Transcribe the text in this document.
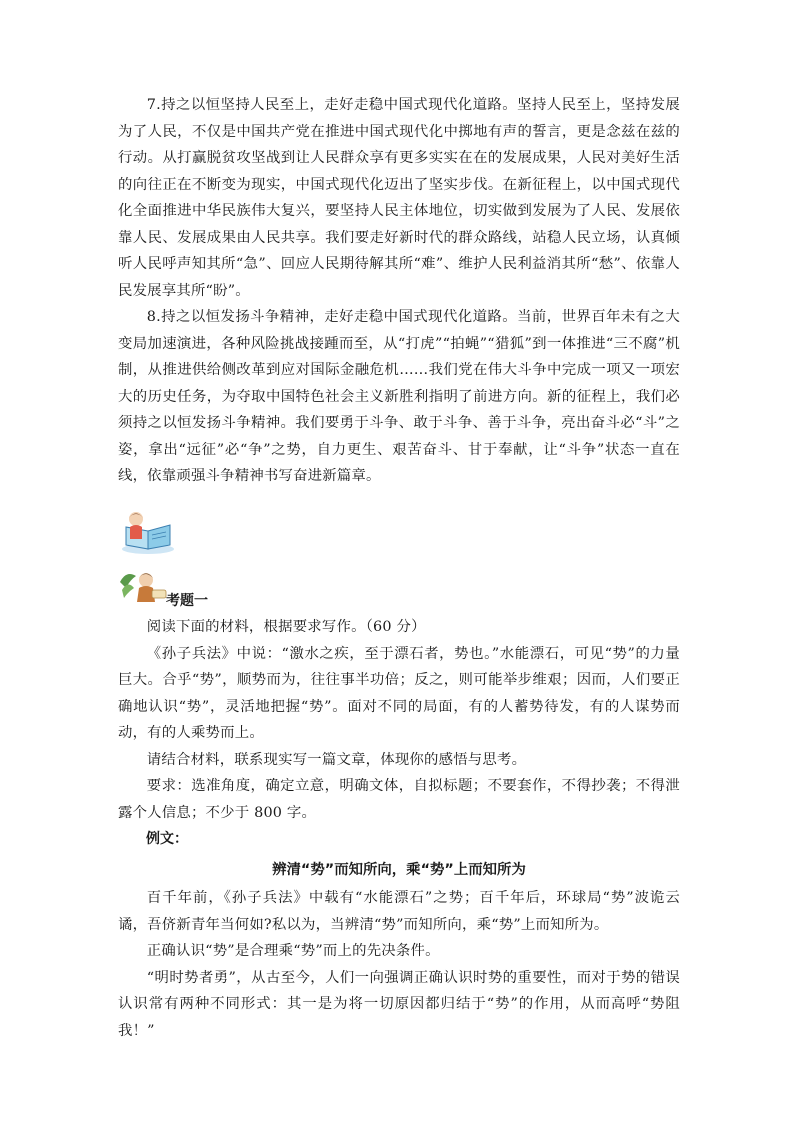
7.持之以恒坚持人民至上，走好走稳中国式现代化道路。坚持人民至上，坚持发展为了人民，不仅是中国共产党在推进中国式现代化中掷地有声的誓言，更是念兹在兹的行动。从打赢脱贫攻坚战到让人民群众享有更多实实在在的发展成果，人民对美好生活的向往正在不断变为现实，中国式现代化迈出了坚实步伐。在新征程上，以中国式现代化全面推进中华民族伟大复兴，要坚持人民主体地位，切实做到发展为了人民、发展依靠人民、发展成果由人民共享。我们要走好新时代的群众路线，站稳人民立场，认真倾听人民呼声知其所“急”、回应人民期待解其所“难”、维护人民利益消其所“愁”、依靠人民发展享其所“盼”。

8.持之以恒发扬斗争精神，走好走稳中国式现代化道路。当前，世界百年未有之大变局加速演进，各种风险挑战接踵而至，从“打虎”“拍蝇”“猎狐”到一体推进“三不腐”机制，从推进供给侧改革到应对国际金融危机……我们党在伟大斗争中完成一项又一项宏大的历史任务，为夺取中国特色社会主义新胜利指明了前进方向。新的征程上，我们必须持之以恒发扬斗争精神。我们要勇于斗争、敢于斗争、善于斗争，亮出奋斗必“斗”之姿，拿出“远征”必“争”之势，自力更生、艰苦奋斗、甘于奉献，让“斗争”状态一直在线，依靠顽强斗争精神书写奋进新篇章。

考题一

阅读下面的材料，根据要求写作。（60 分）

《孙子兵法》中说：“激水之疾，至于漂石者，势也。”水能漂石，可见“势”的力量巨大。合乎“势”，顺势而为，往往事半功倍；反之，则可能举步维艰；因而，人们要正确地认识“势”，灵活地把握“势”。面对不同的局面，有的人蓄势待发，有的人谋势而动，有的人乘势而上。

请结合材料，联系现实写一篇文章，体现你的感悟与思考。

要求：选准角度，确定立意，明确文体，自拟标题；不要套作，不得抄袭；不得泄露个人信息；不少于 800 字。

例文：

辨清“势”而知所向，乘“势”上而知所为

百千年前，《孙子兵法》中载有“水能漂石”之势；百千年后，环球局“势”波诡云谲，吾侪新青年当何如?私以为，当辨清“势”而知所向，乘“势”上而知所为。

正确认识“势”是合理乘“势”而上的先决条件。

“明时势者勇”，从古至今，人们一向强调正确认识时势的重要性，而对于势的错误认识常有两种不同形式：其一是为将一切原因都归结于“势”的作用，从而高呼“势阻我！”
